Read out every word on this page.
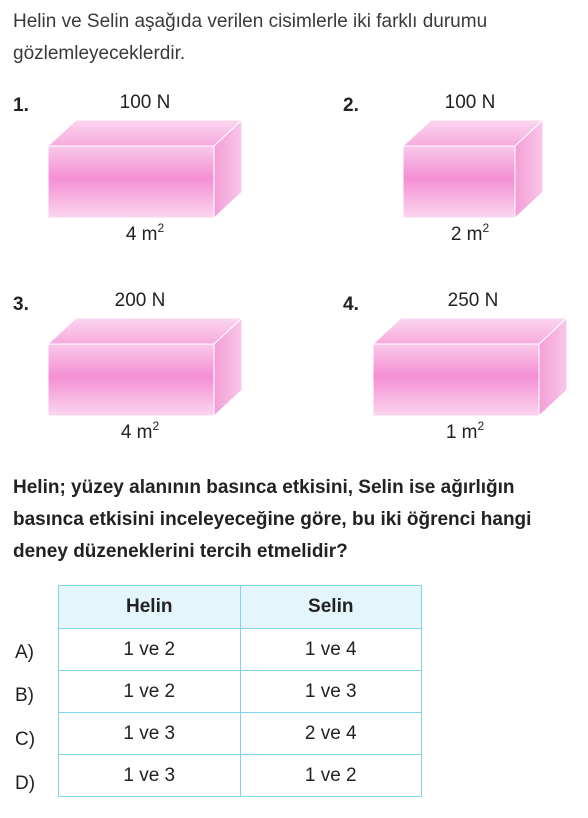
Helin ve Selin aşağıda verilen cisimlerle iki farklı durumu gözlemleyeceklerdir.
1.	100 N
4 $m^2$
2.	100 N
2 $m^2$
3.	200 N
4 $m^2$
4.	250 N
1 $m^2$
Helin; yüzey alanının basınca etkisini, Selin ise ağırlığın basınca etkisini inceleyeceğine göre, bu iki öğrenci hangi deney düzeneklerini tercih etmelidir?
A)
B)
C)
D)
Helin	Selin
1 ve 2	1 ve 4
1 ve 2	1 ve 3
1 ve 3	2 ve 4
1 ve 3	1 ve 2
